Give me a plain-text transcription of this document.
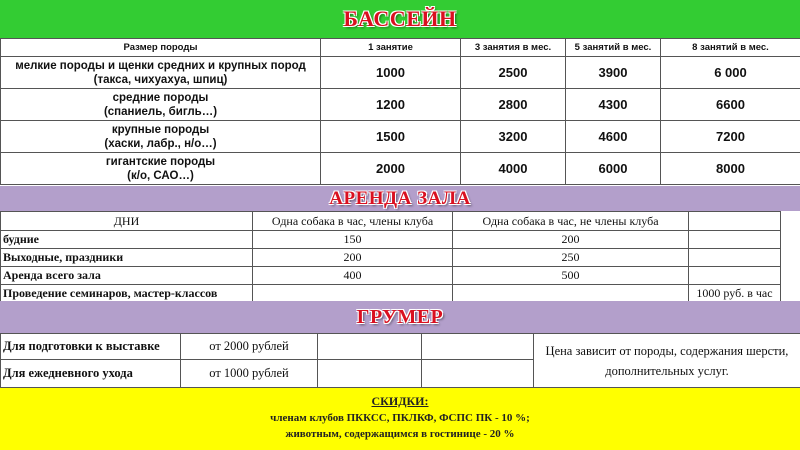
БАССЕЙН
Размер породы	1 занятие	3 занятия в мес.	5 занятий в мес.	8 занятий в мес.

мелкие породы и щенки средних и крупных пород
(такса, чихуахуа, шпиц)	1000	2500	3900	6 000

средние породы
(спаниель, бигль…)	1200	2800	4300	6600

крупные породы
(хаски, лабр., н/о…)	1500	3200	4600	7200

гигантские породы
(к/о, САО…)	2000	4000	6000	8000
АРЕНДА ЗАЛА
ДНИ	Одна собака в час, члены клуба	Одна собака в час, не члены клуба	
будние	150	200	
Выходные, праздники	200	250	
Аренда всего зала	400	500	
Проведение семинаров, мастер-классов			1000 руб. в час
ГРУМЕР
Для подготовки к выставке	от 2000 рублей			Цена зависит от породы, содержания шерсти, дополнительных услуг.
Для ежедневного ухода	от 1000 рублей			
СКИДКИ:
членам клубов ПККСС, ПКЛКФ, ФСПС ПК - 10 %;
животным, содержащимся в гостинице - 20 %
